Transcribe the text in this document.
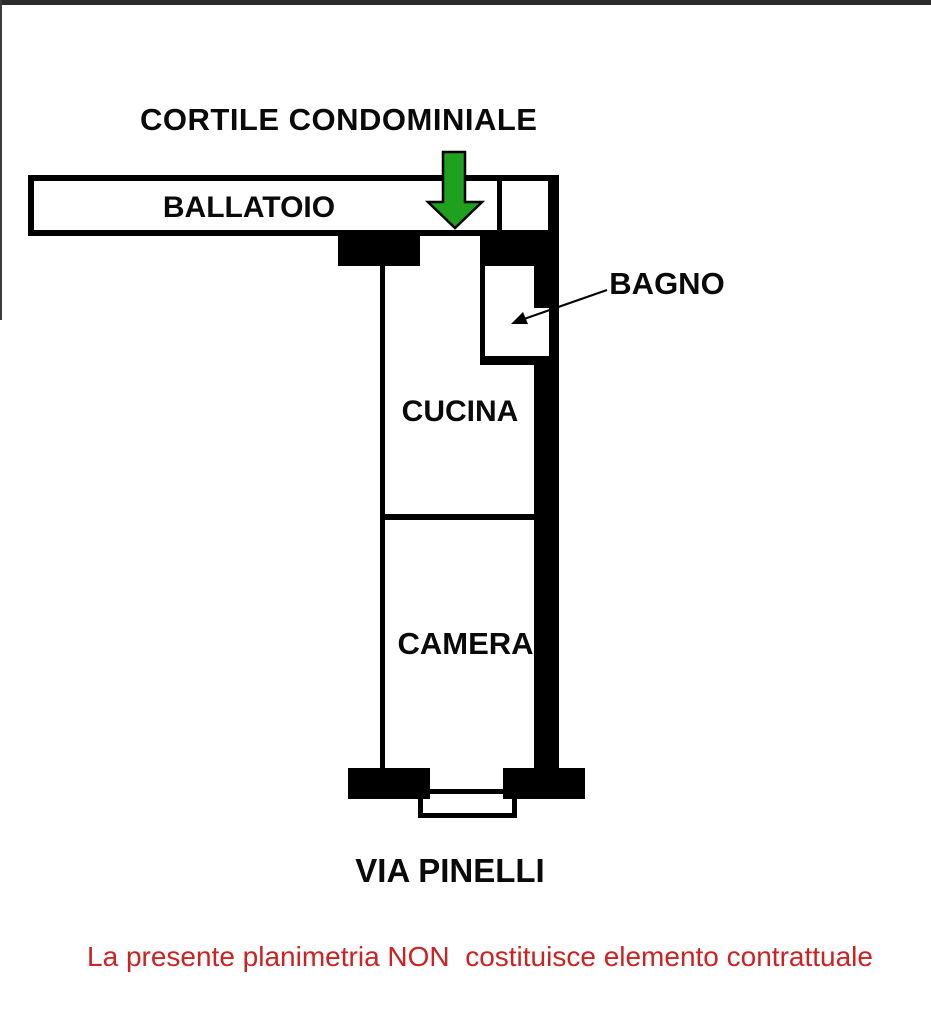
CORTILE CONDOMINIALE
BALLATOIO
BAGNO
CUCINA
CAMERA
VIA PINELLI
La presente planimetria NON  costituisce elemento contrattuale
